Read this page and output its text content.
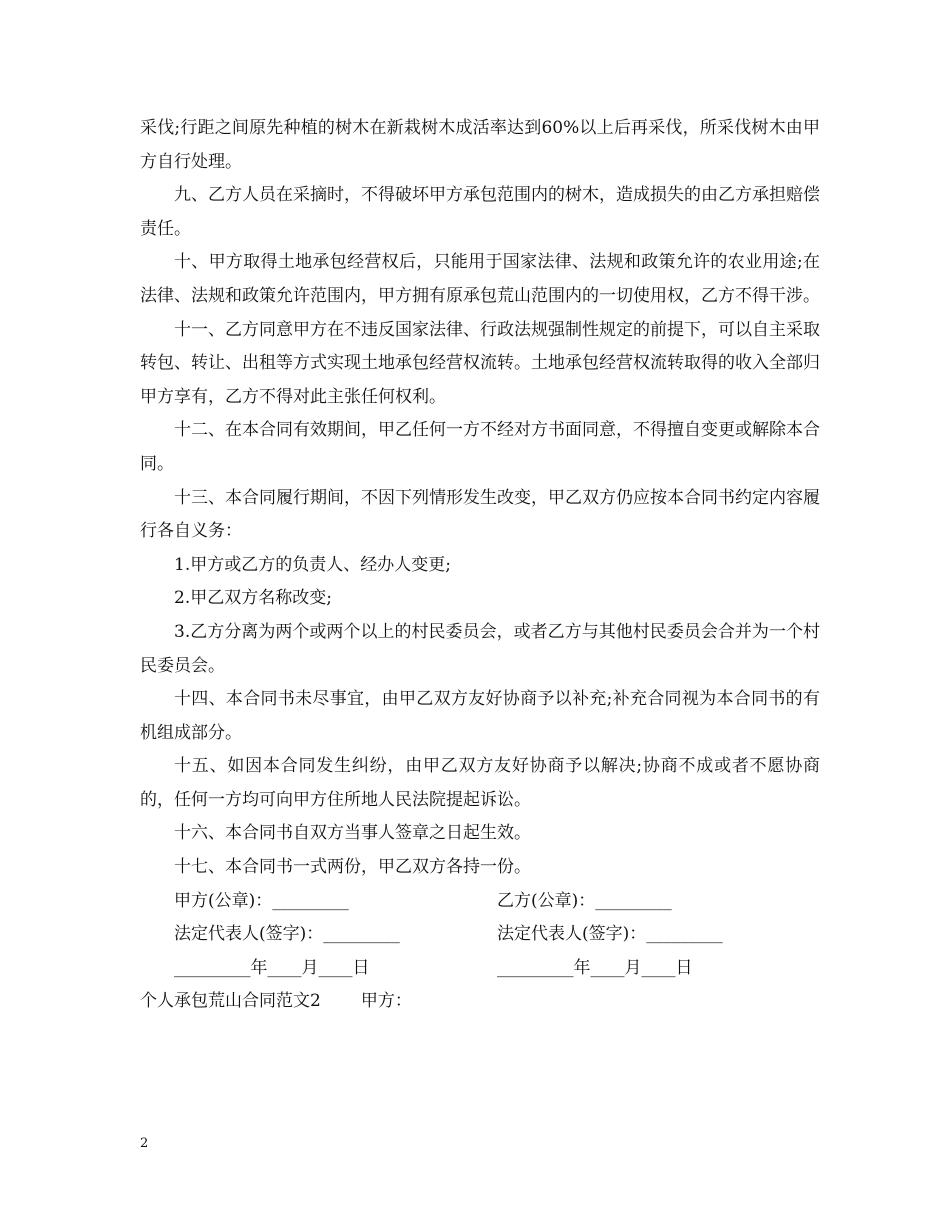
采伐;行距之间原先种植的树木在新栽树木成活率达到60%以上后再采伐，所采伐树木由甲方自行处理。

九、乙方人员在采摘时，不得破坏甲方承包范围内的树木，造成损失的由乙方承担赔偿责任。

十、甲方取得土地承包经营权后，只能用于国家法律、法规和政策允许的农业用途;在法律、法规和政策允许范围内，甲方拥有原承包荒山范围内的一切使用权，乙方不得干涉。

十一、乙方同意甲方在不违反国家法律、行政法规强制性规定的前提下，可以自主采取转包、转让、出租等方式实现土地承包经营权流转。土地承包经营权流转取得的收入全部归甲方享有，乙方不得对此主张任何权利。

十二、在本合同有效期间，甲乙任何一方不经对方书面同意，不得擅自变更或解除本合同。

十三、本合同履行期间，不因下列情形发生改变，甲乙双方仍应按本合同书约定内容履行各自义务：

1.甲方或乙方的负责人、经办人变更;

2.甲乙双方名称改变;

3.乙方分离为两个或两个以上的村民委员会，或者乙方与其他村民委员会合并为一个村民委员会。

十四、本合同书未尽事宜，由甲乙双方友好协商予以补充;补充合同视为本合同书的有机组成部分。

十五、如因本合同发生纠纷，由甲乙双方友好协商予以解决;协商不成或者不愿协商的，任何一方均可向甲方住所地人民法院提起诉讼。

十六、本合同书自双方当事人签章之日起生效。

十七、本合同书一式两份，甲乙双方各持一份。

甲方(公章)：_________	乙方(公章)：_________
法定代表人(签字)：_________	法定代表人(签字)：_________
_________年____月____日	_________年____月____日
个人承包荒山合同范文2 甲方：
2
